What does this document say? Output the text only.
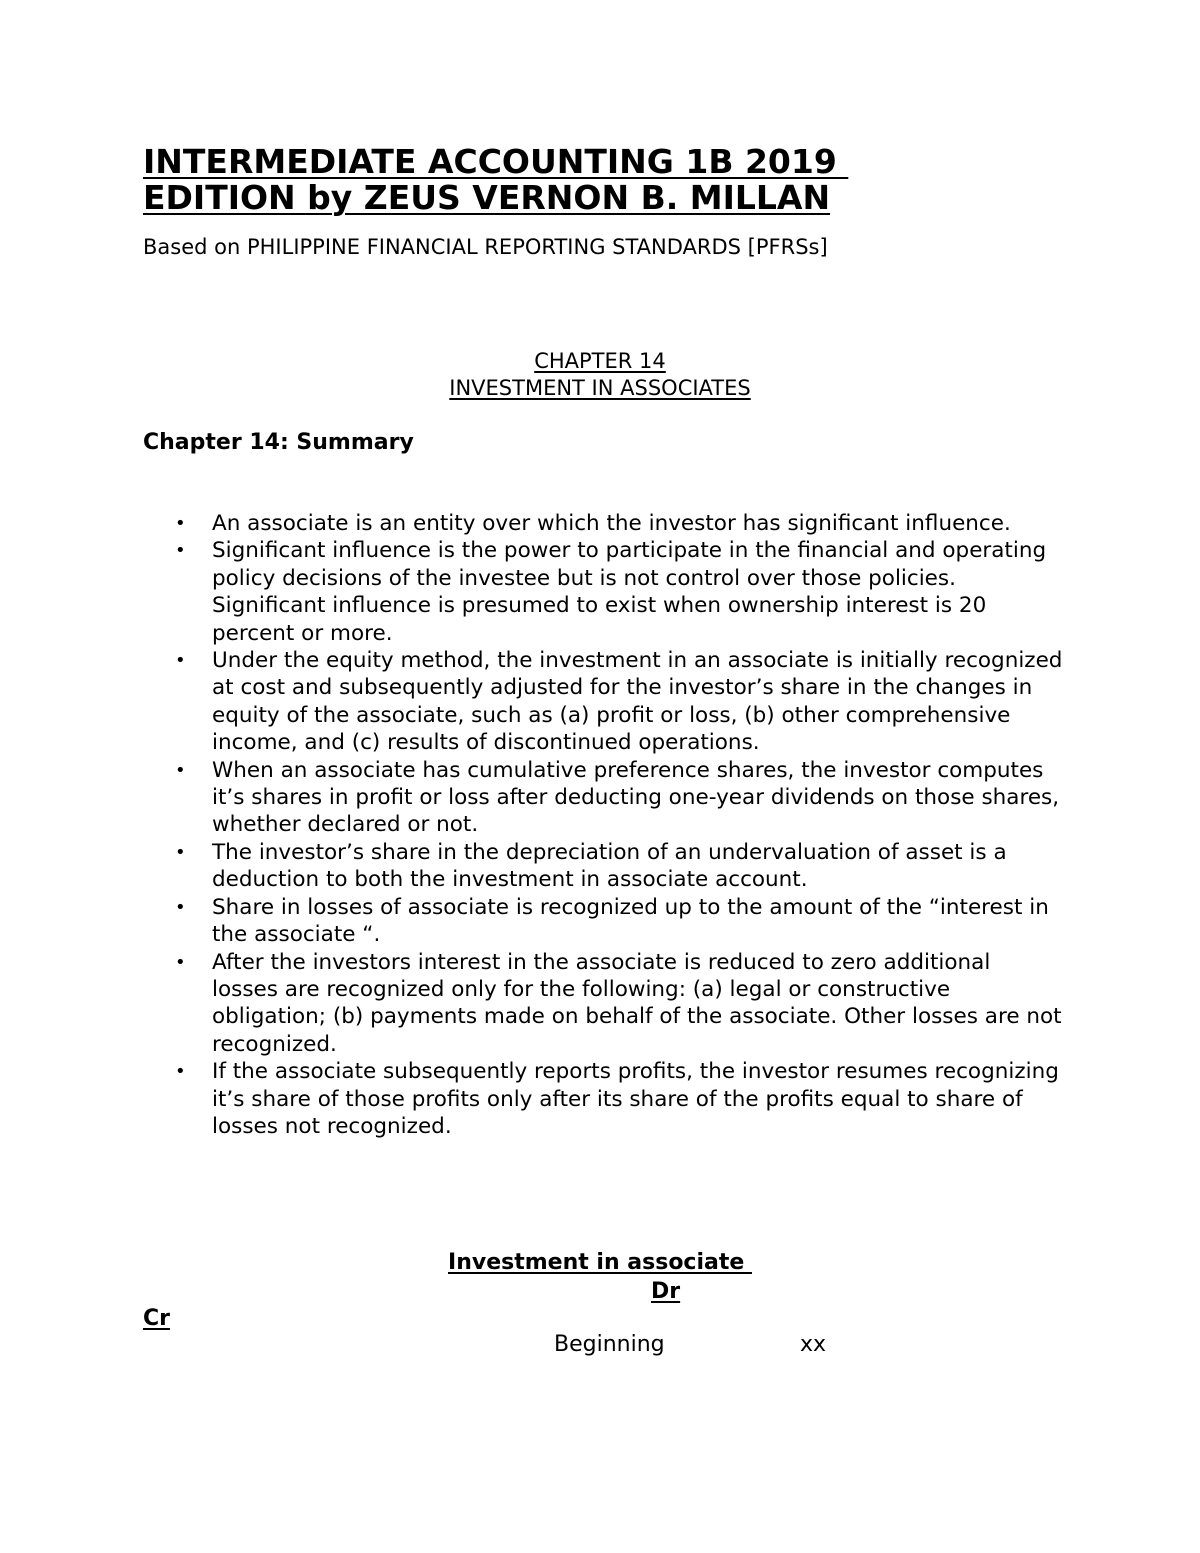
INTERMEDIATE ACCOUNTING 1B 2019
EDITION by ZEUS VERNON B. MILLAN

Based on PHILIPPINE FINANCIAL REPORTING STANDARDS [PFRSs]

CHAPTER 14
INVESTMENT IN ASSOCIATES
Chapter 14: Summary
• An associate is an entity over which the investor has significant influence.
• Significant influence is the power to participate in the financial and operating policy decisions of the investee but is not control over those policies. Significant influence is presumed to exist when ownership interest is 20 percent or more.
• Under the equity method, the investment in an associate is initially recognized at cost and subsequently adjusted for the investor’s share in the changes in equity of the associate, such as (a) profit or loss, (b) other comprehensive income, and (c) results of discontinued operations.
• When an associate has cumulative preference shares, the investor computes it’s shares in profit or loss after deducting one-year dividends on those shares, whether declared or not.
• The investor’s share in the depreciation of an undervaluation of asset is a deduction to both the investment in associate account.
• Share in losses of associate is recognized up to the amount of the “interest in the associate “.
• After the investors interest in the associate is reduced to zero additional losses are recognized only for the following: (a) legal or constructive obligation; (b) payments made on behalf of the associate. Other losses are not recognized.
• If the associate subsequently reports profits, the investor resumes recognizing it’s share of those profits only after its share of the profits equal to share of losses not recognized.
Investment in associate
Dr
Cr
Beginning	xx
